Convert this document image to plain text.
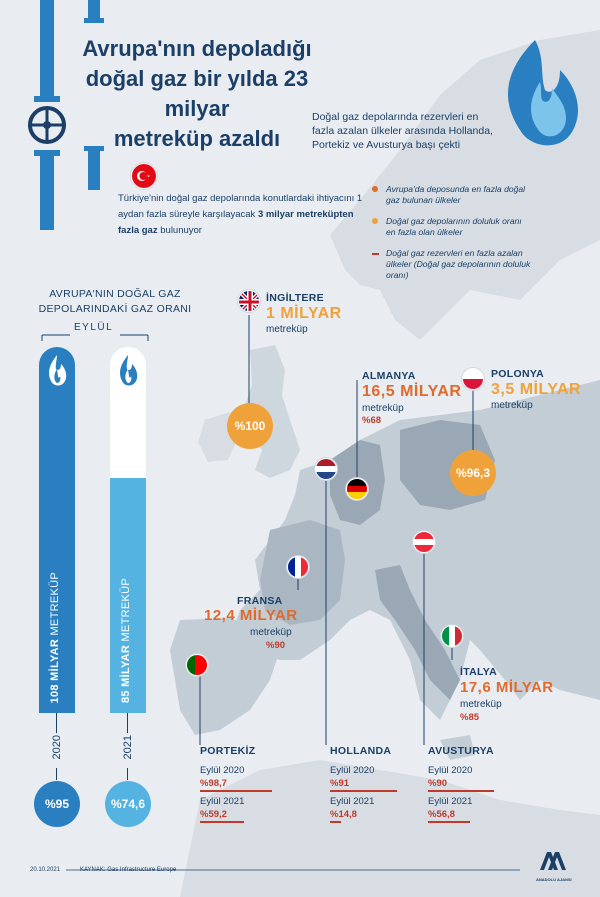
Avrupa'nın depoladığı
doğal gaz bir yılda 23 milyar
metreküp azaldı
Doğal gaz depolarında rezervleri en fazla azalan ülkeler arasında Hollanda, Portekiz ve Avusturya başı çekti
Türkiye'nin doğal gaz depolarında konutlardaki ihtiyacını 1 aydan fazla süreyle karşılayacak 3 milyar metreküpten fazla gaz bulunuyor
Avrupa'da deposunda en fazla doğal gaz bulunan ülkeler
Doğal gaz depolarının doluluk oranı en fazla olan ülkeler
Doğal gaz rezervleri en fazla azalan ülkeler (Doğal gaz depolarının doluluk oranı)
AVRUPA'NIN DOĞAL GAZ
DEPOLARINDAKİ GAZ ORANI
EYLÜL
108 MİLYAR METREKÜP
85 MİLYAR METREKÜP
2020	2021
%95	%74,6
İNGİLTERE
1 MİLYAR
metreküp
%100
ALMANYA
16,5 MİLYAR
metreküp
%68
POLONYA
3,5 MİLYAR
metreküp
%96,3
FRANSA
12,4 MİLYAR
metreküp
%90
İTALYA
17,6 MİLYAR
metreküp
%85
PORTEKİZ
Eylül 2020
%98,7
Eylül 2021
%59,2
HOLLANDA
Eylül 2020
%91
Eylül 2021
%14,8
AVUSTURYA
Eylül 2020
%90
Eylül 2021
%56,8
20.10.2021	KAYNAK: Gas Infrastructure Europe
ANADOLU AJANSI
